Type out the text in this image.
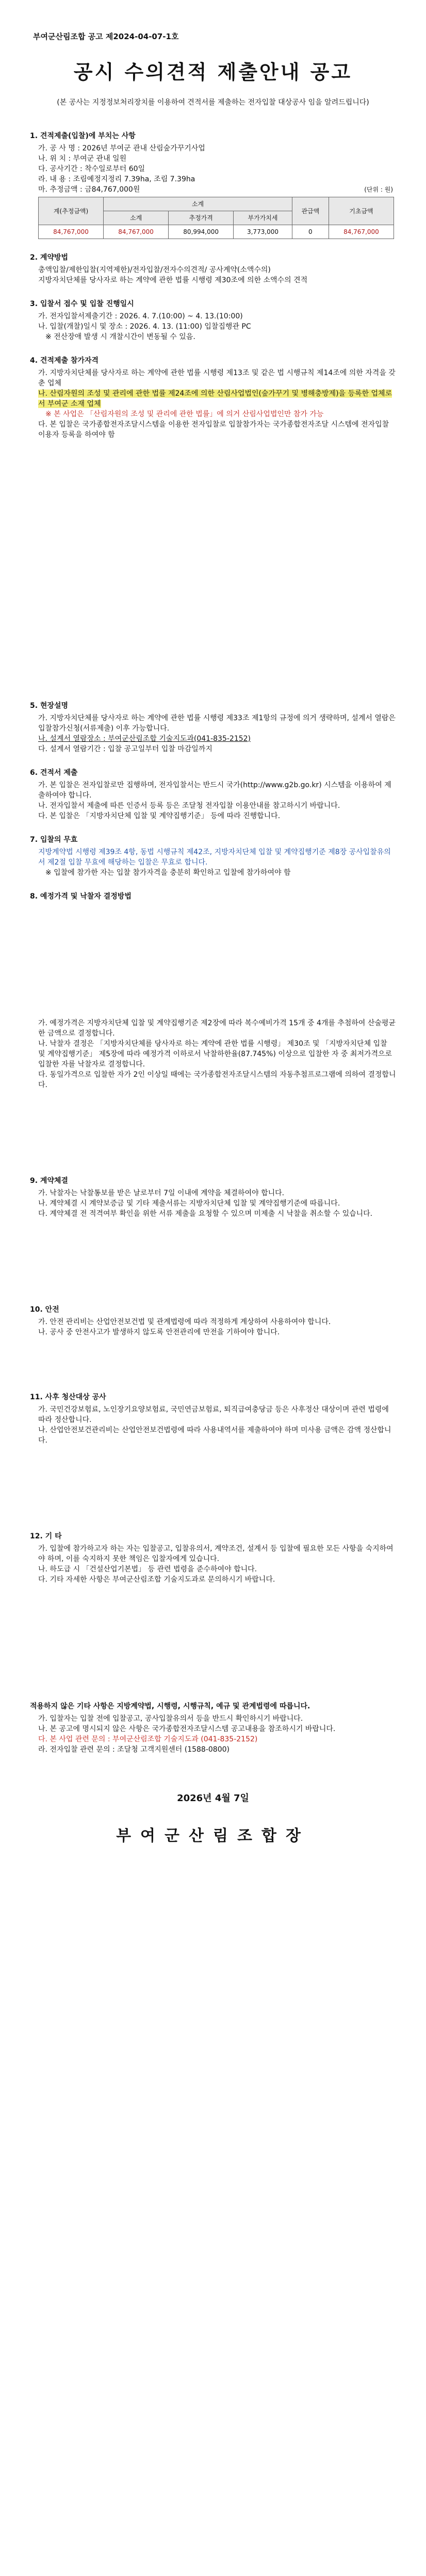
부여군산림조합 공고 제2024-04-07-1호
공시 수의견적 제출안내 공고
(본 공사는 지정정보처리장치를 이용하여 견적서를 제출하는 전자입찰 대상공사 임을 알려드립니다)
1. 견적제출(입찰)에 부치는 사항
가. 공 사 명 : 2026년 부여군 관내 산림숲가꾸기사업
나. 위 치 : 부여군 관내 일원
다. 공사기간 : 착수일로부터 60일
라. 내 용 : 조림예정지정리 7.39ha, 조림 7.39ha
마. 추정금액 : 금84,767,000원	(단위 : 원)
계(추정금액)	소계			관급액	기초금액
	소계	추정가격	부가가치세		
84,767,000	84,767,000	80,994,000	3,773,000	0	84,767,000
2. 계약방법
총액입찰/제한입찰(지역제한)/전자입찰/전자수의견적/ 공사계약(소액수의)
지방자치단체를 당사자로 하는 계약에 관한 법률 시행령 제30조에 의한 소액수의 견적
3. 입찰서 접수 및 입찰 진행일시
가. 전자입찰서제출기간 : 2026. 4. 7.(10:00) ~ 4. 13.(10:00)
나. 입찰(개찰)일시 및 장소 : 2026. 4. 13. (11:00) 입찰집행관 PC
※ 전산장애 발생 시 개찰시간이 변동될 수 있음.
4. 견적제출 참가자격
가. 지방자치단체를 당사자로 하는 계약에 관한 법률 시행령 제13조 및 같은 법 시행규칙 제14조에 의한 자격을 갖춘 업체
나. 산림자원의 조성 및 관리에 관한 법률 제24조에 의한 산림사업법인(숲가꾸기 및 병해충방제)을 등록한 업체로서 부여군 소재 업체
※ 본 사업은 「산림자원의 조성 및 관리에 관한 법률」에 의거 산림사업법인만 참가 가능
다. 본 입찰은 국가종합전자조달시스템을 이용한 전자입찰로 입찰참가자는 국가종합전자조달 시스템에 전자입찰 이용자 등록을 하여야 함
5. 현장설명
가. 지방자치단체를 당사자로 하는 계약에 관한 법률 시행령 제33조 제1항의 규정에 의거 생략하며, 설계서 열람은 입찰참가신청(서류제출) 이후 가능합니다.
나. 설계서 열람장소 : 부여군산림조합 기술지도과(041-835-2152)
다. 설계서 열람기간 : 입찰 공고일부터 입찰 마감일까지
6. 견적서 제출
가. 본 입찰은 전자입찰로만 집행하며, 전자입찰서는 반드시 국가(http://www.g2b.go.kr) 시스템을 이용하여 제출하여야 합니다.
나. 전자입찰서 제출에 따른 인증서 등록 등은 조달청 전자입찰 이용안내를 참고하시기 바랍니다.
다. 본 입찰은 「지방자치단체 입찰 및 계약집행기준」 등에 따라 진행합니다.
7. 입찰의 무효
지방계약법 시행령 제39조 4항, 동법 시행규칙 제42조, 지방자치단체 입찰 및 계약집행기준 제8장 공사입찰유의서 제2절 입찰 무효에 해당하는 입찰은 무효로 합니다.
※ 입찰에 참가한 자는 입찰 참가자격을 충분히 확인하고 입찰에 참가하여야 함
8. 예정가격 및 낙찰자 결정방법
가. 예정가격은 지방자치단체 입찰 및 계약집행기준 제2장에 따라 복수예비가격 15개 중 4개를 추첨하여 산술평균한 금액으로 결정합니다.
나. 낙찰자 결정은 「지방자치단체를 당사자로 하는 계약에 관한 법률 시행령」 제30조 및 「지방자치단체 입찰 및 계약집행기준」 제5장에 따라 예정가격 이하로서 낙찰하한율(87.745%) 이상으로 입찰한 자 중 최저가격으로 입찰한 자를 낙찰자로 결정합니다.
다. 동일가격으로 입찰한 자가 2인 이상일 때에는 국가종합전자조달시스템의 자동추첨프로그램에 의하여 결정합니다.
9. 계약체결
가. 낙찰자는 낙찰통보를 받은 날로부터 7일 이내에 계약을 체결하여야 합니다.
나. 계약체결 시 계약보증금 및 기타 제출서류는 지방자치단체 입찰 및 계약집행기준에 따릅니다.
다. 계약체결 전 적격여부 확인을 위한 서류 제출을 요청할 수 있으며 미제출 시 낙찰을 취소할 수 있습니다.
10. 안전
가. 안전 관리비는 산업안전보건법 및 관계법령에 따라 적정하게 계상하여 사용하여야 합니다.
나. 공사 중 안전사고가 발생하지 않도록 안전관리에 만전을 기하여야 합니다.
11. 사후 청산대상 공사
가. 국민건강보험료, 노인장기요양보험료, 국민연금보험료, 퇴직급여충당금 등은 사후정산 대상이며 관련 법령에 따라 정산합니다.
나. 산업안전보건관리비는 산업안전보건법령에 따라 사용내역서를 제출하여야 하며 미사용 금액은 감액 정산합니다.
12. 기 타
가. 입찰에 참가하고자 하는 자는 입찰공고, 입찰유의서, 계약조건, 설계서 등 입찰에 필요한 모든 사항을 숙지하여야 하며, 이를 숙지하지 못한 책임은 입찰자에게 있습니다.
나. 하도급 시 「건설산업기본법」 등 관련 법령을 준수하여야 합니다.
다. 기타 자세한 사항은 부여군산림조합 기술지도과로 문의하시기 바랍니다.
적용하지 않은 기타 사항은 지방계약법, 시행령, 시행규칙, 예규 및 관계법령에 따릅니다.
가. 입찰자는 입찰 전에 입찰공고, 공사입찰유의서 등을 반드시 확인하시기 바랍니다.
나. 본 공고에 명시되지 않은 사항은 국가종합전자조달시스템 공고내용을 참조하시기 바랍니다.
다. 본 사업 관련 문의 : 부여군산림조합 기술지도과 (041-835-2152)
라. 전자입찰 관련 문의 : 조달청 고객지원센터 (1588-0800)
2026년 4월 7일
부여군산림조합장
